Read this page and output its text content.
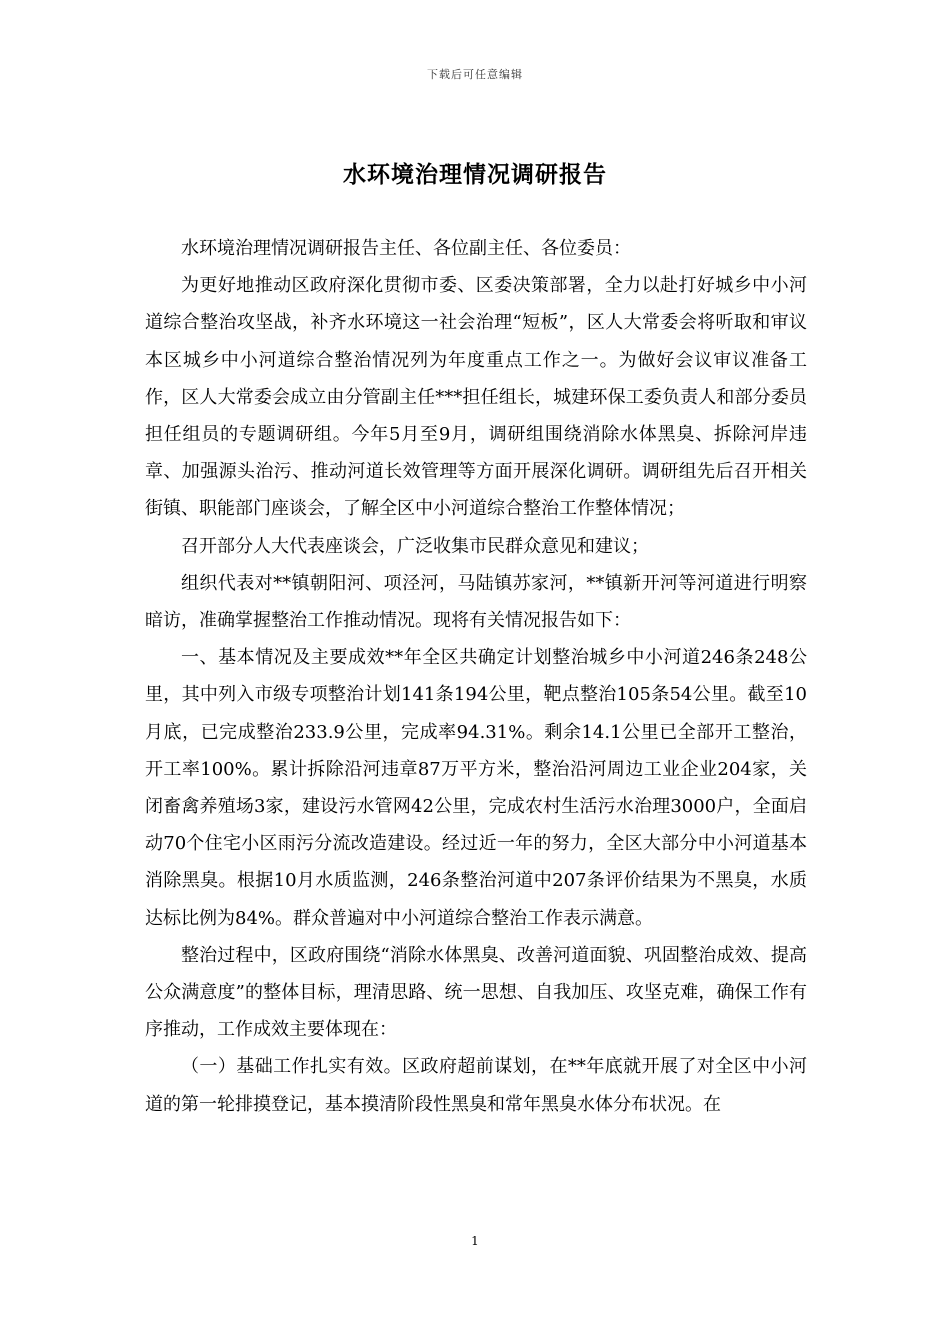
下载后可任意编辑
水环境治理情况调研报告

水环境治理情况调研报告主任、各位副主任、各位委员：

为更好地推动区政府深化贯彻市委、区委决策部署，全力以赴打好城乡中小河道综合整治攻坚战，补齐水环境这一社会治理“短板”，区人大常委会将听取和审议本区城乡中小河道综合整治情况列为年度重点工作之一。为做好会议审议准备工作，区人大常委会成立由分管副主任***担任组长，城建环保工委负责人和部分委员担任组员的专题调研组。今年5月至9月，调研组围绕消除水体黑臭、拆除河岸违章、加强源头治污、推动河道长效管理等方面开展深化调研。调研组先后召开相关街镇、职能部门座谈会，了解全区中小河道综合整治工作整体情况；

召开部分人大代表座谈会，广泛收集市民群众意见和建议；

组织代表对**镇朝阳河、项泾河，马陆镇苏家河，**镇新开河等河道进行明察暗访，准确掌握整治工作推动情况。现将有关情况报告如下：

一、基本情况及主要成效**年全区共确定计划整治城乡中小河道246条248公里，其中列入市级专项整治计划141条194公里，靶点整治105条54公里。截至10月底，已完成整治233.9公里，完成率94.31%。剩余14.1公里已全部开工整治，开工率100%。累计拆除沿河违章87万平方米，整治沿河周边工业企业204家，关闭畜禽养殖场3家，建设污水管网42公里，完成农村生活污水治理3000户，全面启动70个住宅小区雨污分流改造建设。经过近一年的努力，全区大部分中小河道基本消除黑臭。根据10月水质监测，246条整治河道中207条评价结果为不黑臭，水质达标比例为84%。群众普遍对中小河道综合整治工作表示满意。

整治过程中，区政府围绕“消除水体黑臭、改善河道面貌、巩固整治成效、提高公众满意度”的整体目标，理清思路、统一思想、自我加压、攻坚克难，确保工作有序推动，工作成效主要体现在：

（一）基础工作扎实有效。区政府超前谋划，在**年底就开展了对全区中小河道的第一轮排摸登记，基本摸清阶段性黑臭和常年黑臭水体分布状况。在

1
